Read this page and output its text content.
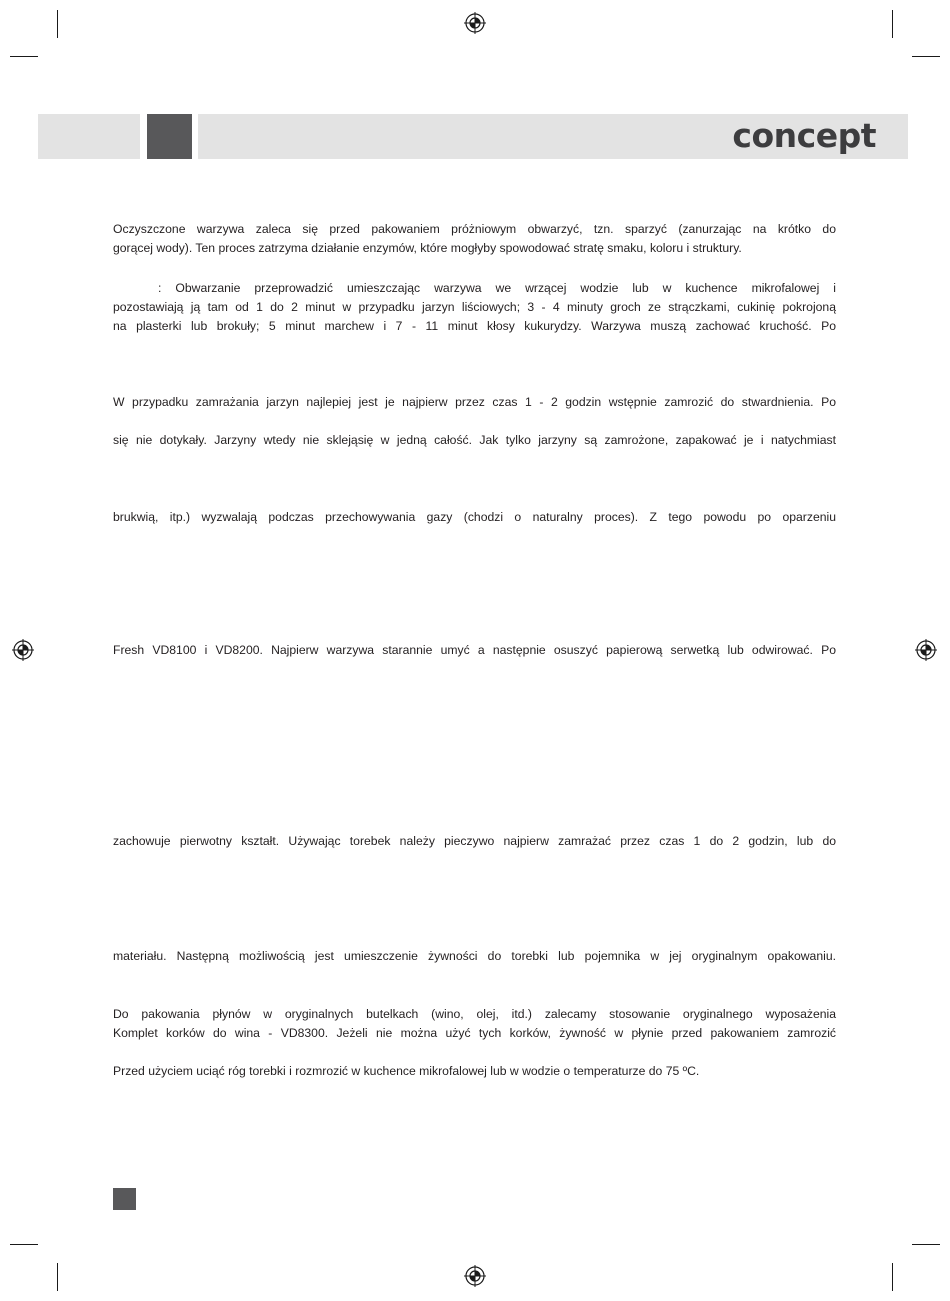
concept
Oczyszczone warzywa zaleca się przed pakowaniem próżniowym obwarzyć, tzn. sparzyć (zanurzając na krótko do
gorącej wody). Ten proces zatrzyma działanie enzymów, które mogłyby spowodować stratę smaku, koloru i struktury.
: Obwarzanie przeprowadzić umieszczając warzywa we wrzącej wodzie lub w kuchence mikrofalowej i
pozostawiają ją tam od 1 do 2 minut w przypadku jarzyn liściowych; 3 - 4 minuty groch ze strączkami, cukinię pokrojoną
na plasterki lub brokuły; 5 minut marchew i 7 - 11 minut kłosy kukurydzy. Warzywa muszą zachować kruchość. Po

W przypadku zamrażania jarzyn najlepiej jest je najpierw przez czas 1 - 2 godzin wstępnie zamrozić do stwardnienia. Po

się nie dotykały. Jarzyny wtedy nie sklejąsię w jedną całość. Jak tylko jarzyny są zamrożone, zapakować je i natychmiast

brukwią, itp.) wyzwalają podczas przechowywania gazy (chodzi o naturalny proces). Z tego powodu po oparzeniu

Fresh VD8100 i VD8200. Najpierw warzywa starannie umyć a następnie osuszyć papierową serwetką lub odwirować. Po

zachowuje pierwotny kształt. Używając torebek należy pieczywo najpierw zamrażać przez czas 1 do 2 godzin, lub do

materiału. Następną możliwością jest umieszczenie żywności do torebki lub pojemnika w jej oryginalnym opakowaniu.

Do pakowania płynów w oryginalnych butelkach (wino, olej, itd.) zalecamy stosowanie oryginalnego wyposażenia
Komplet korków do wina - VD8300. Jeżeli nie można użyć tych korków, żywność w płynie przed pakowaniem zamrozić

Przed użyciem uciąć róg torebki i rozmrozić w kuchence mikrofalowej lub w wodzie o temperaturze do 75 ºC.
